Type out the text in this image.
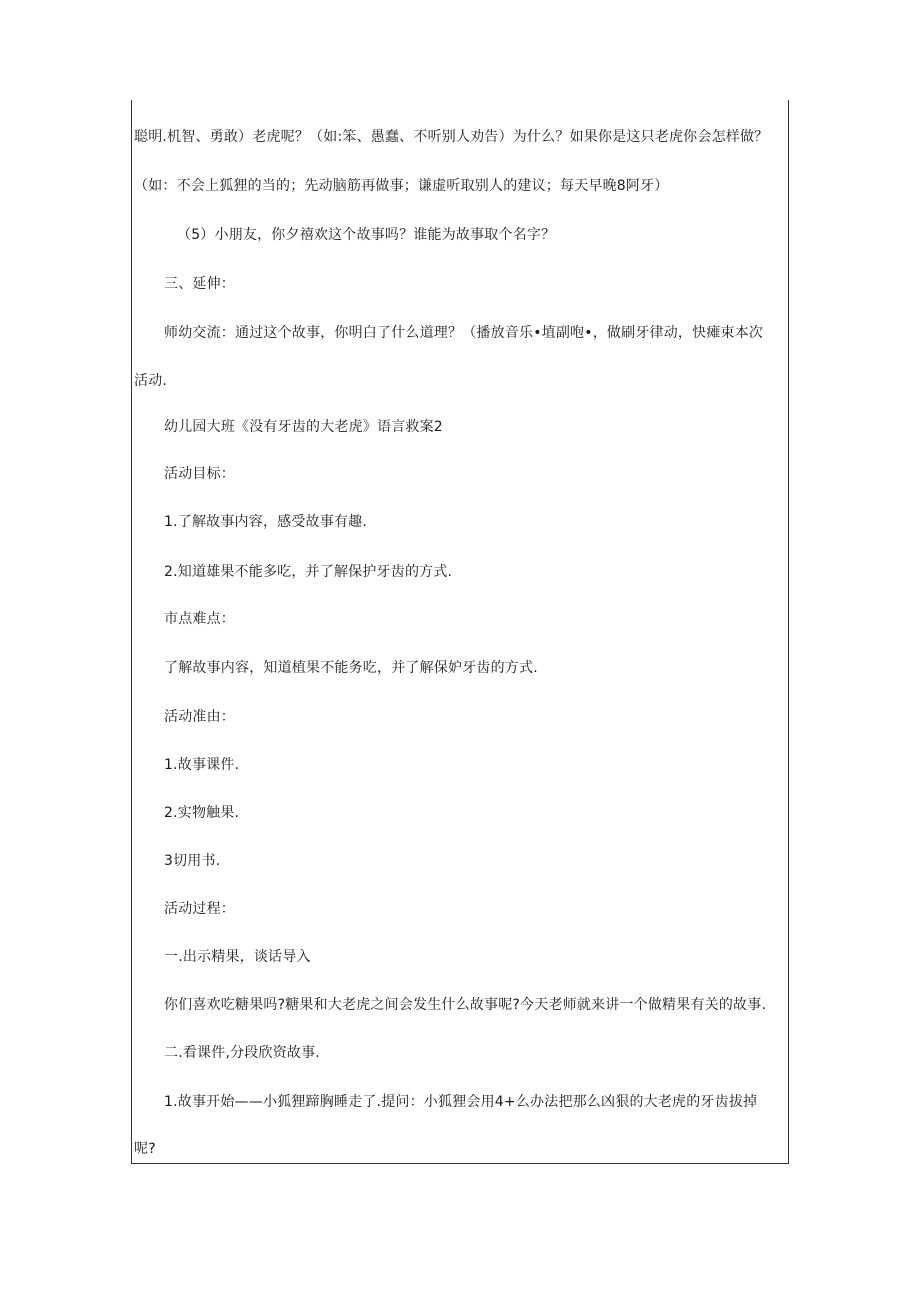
聪明.机智、勇敢）老虎呢？（如:笨、愚蠢、不听别人劝告）为什么？如果你是这只老虎你会怎样做？
（如：不会上狐狸的当的；先动脑筋再做事；谦虚听取别人的建议；每天早晚8阿牙）
（5）小朋友，你夕禧欢这个故事吗？谁能为故事取个名字？
三、延伸：
师幼交流：通过这个故事，你明白了什么道理？（播放音乐•埴副咆•，做刷牙律动，快瘫束本次
活动.
幼儿园大班《没有牙齿的大老虎》语言救案2
活动目标：
1.了解故事内容，感受故事有趣.
2.知道雄果不能多吃，并了解保护牙齿的方式.
市点难点：
了解故事内容，知道植果不能务吃，并了解保妒牙齿的方式.
活动准由：
1.故事课件.
2.实物触果.
3切用书.
活动过程：
一.出示精果，谈话导入
你们喜欢吃糖果吗?糖果和大老虎之间会发生什么故事呢?今天老师就来讲一个做精果有关的故事.
二.看课件,分段欣资故事.
1.故事开始——小狐狸蹄胸睡走了.提问：小狐狸会用4+么办法把那么凶狠的大老虎的牙齿拔掉
呢?
